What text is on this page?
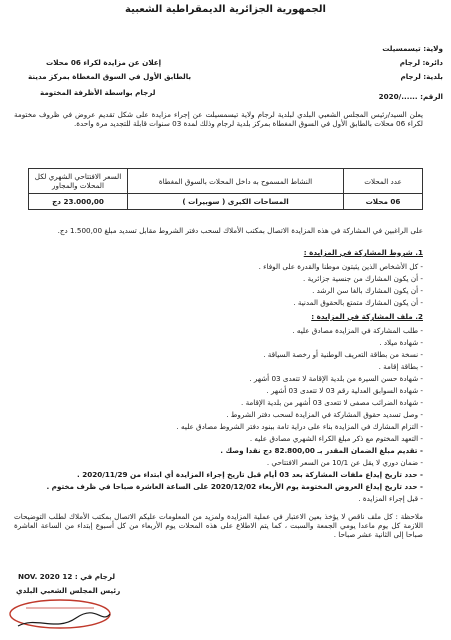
الجمهورية الجزائرية الديمقراطية الشعبية
ولاية: تيسمسيلت
دائرة: لرجام
بلدية: لرجام
الرقم: ....../2020
إعلان عن مزايدة لكراء 06 محلات
بالطابق الأول في السوق المغطاة بمركز مدينة
لرجام بواسطة الأظرفة المختومة
يعلن السيد/رئيس المجلس الشعبي البلدي لبلدية لرجام ولاية تيسمسيلت عن إجراء مزايدة على شكل تقديم عروض في ظروف مختومة لكراء 06 محلات بالطابق الأول في السوق المغطاة بمركز بلدية لرجام وذلك لمدة 03 سنوات قابلة للتجديد مرة واحدة.
عدد المحلات	النشاط المسموح به داخل المحلات بالسوق المغطاة	السعر الافتتاحي الشهري لكل المحلات والمجاور
06 محلات	المساحات الكبرى ( سوبيرات )	23.000,00 دج
على الراغبين في المشاركة في هذه المزايدة الاتصال بمكتب الأملاك لسحب دفتر الشروط مقابل تسديد مبلغ 1.500,00 دج.
1. شروط المشاركة في المزايدة :
- كل الأشخاص الذين يثبتون موطنا والقدرة على الوفاء .
- أن يكون المشارك من جنسية جزائرية .
- أن يكون المشارك بالغا سن الرشد .
- أن يكون المشارك متمتع بالحقوق المدنية .
2. ملف المشاركة في المزايدة :
- طلب المشاركة في المزايدة مصادق عليه .
- شهادة ميلاد .
- نسخة من بطاقة التعريف الوطنية أو رخصة السياقة .
- بطاقة إقامة .
- شهادة حسن السيرة من بلدية الإقامة لا تتعدى 03 أشهر .
- شهادة السوابق العدلية رقم 03 لا تتعدى 03 أشهر .
- شهادة الضرائب مصفى لا تتعدى 03 أشهر من بلدية الإقامة .
- وصل تسديد حقوق المشاركة في المزايدة لسحب دفتر الشروط .
- التزام المشارك في المزايدة بناء على دراية تامة ببنود دفتر الشروط مصادق عليه .
- التعهد المختوم مع ذكر مبلغ الكراء الشهري مصادق عليه .
- تقديم مبلغ الضمان المقدر بـ 82.800,00 دج نقدا وصك .
- ضمان دوري لا يقل عن 10/1 من السعر الافتتاحي .
- حدد تاريخ إيداع ملفات المشاركة بعد 03 أيام قبل تاريخ إجراء المزايدة أي ابتداء من 2020/11/29 .
- حدد تاريخ إيداع العروض المختومة يوم الأربعاء 2020/12/02 على الساعة العاشرة صباحا في ظرف مختوم .
- قبل إجراء المزايدة .
ملاحظة : كل ملف ناقص لا يؤخذ بعين الاعتبار في عملية المزايدة ولمزيد من المعلومات عليكم الاتصال بمكتب الأملاك لطلب التوضيحات اللازمة كل يوم ماعدا يومي الجمعة والسبت ، كما يتم الاطلاع على هذه المحلات يوم الأربعاء من كل أسبوع إبتداء من الساعة العاشرة صباحا إلى الثانية عشر صباحا .
لرجام في : 12 NOV. 2020
رئيس المجلس الشعبي البلدي
